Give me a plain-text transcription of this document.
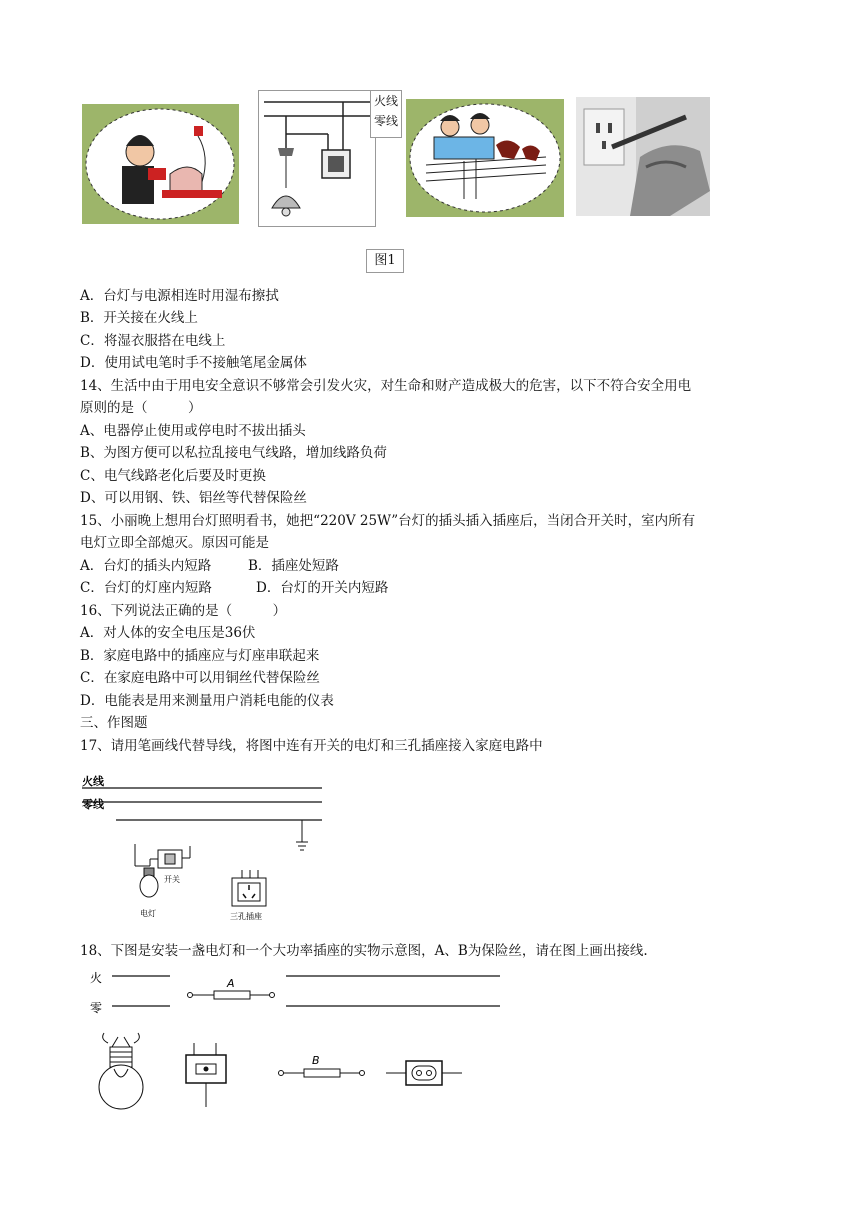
火线
零线
图1
A．台灯与电源相连时用湿布擦拭
B．开关接在火线上
C．将湿衣服搭在电线上
D．使用试电笔时手不接触笔尾金属体
14、生活中由于用电安全意识不够常会引发火灾，对生命和财产造成极大的危害，以下不符合安全用电
原则的是（　　　）
A、电器停止使用或停电时不拔出插头
B、为图方便可以私拉乱接电气线路，增加线路负荷
C、电气线路老化后要及时更换
D、可以用钢、铁、铝丝等代替保险丝
15、小丽晚上想用台灯照明看书，她把“220V 25W”台灯的插头插入插座后，当闭合开关时，室内所有
电灯立即全部熄灭。原因可能是
A．台灯的插头内短路	B．插座处短路
C．台灯的灯座内短路	D．台灯的开关内短路
16、下列说法正确的是（　　　）
A．对人体的安全电压是36伏
B．家庭电路中的插座应与灯座串联起来
C．在家庭电路中可以用铜丝代替保险丝
D．电能表是用来测量用户消耗电能的仪表
三、作图题
17、请用笔画线代替导线，将图中连有开关的电灯和三孔插座接入家庭电路中
火线
零线
开关
电灯	三孔插座
18、下图是安装一盏电灯和一个大功率插座的实物示意图，A、B为保险丝，请在图上画出接线.
火
零
A
B
